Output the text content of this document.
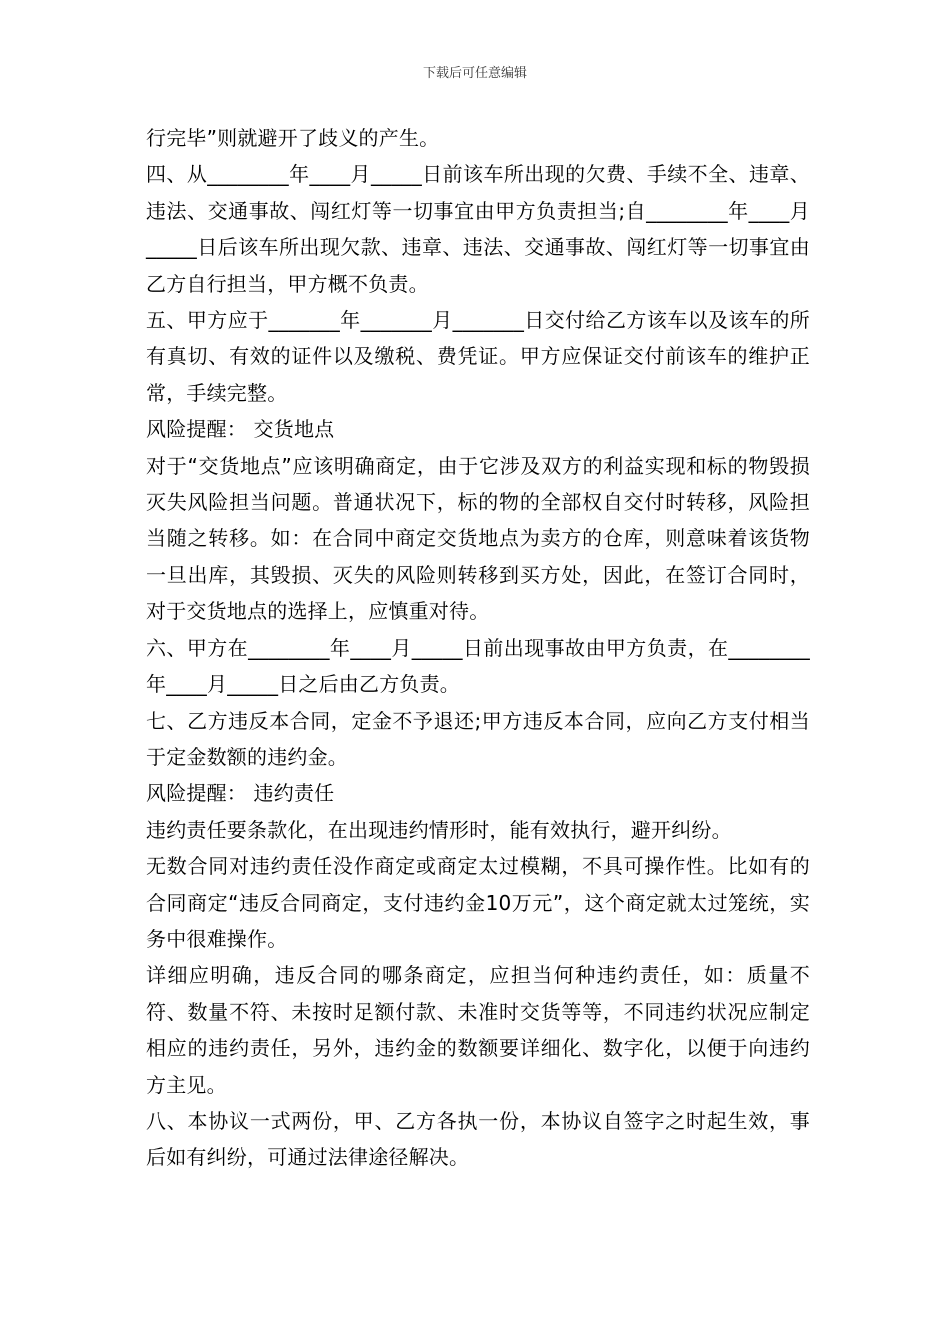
下载后可任意编辑

行完毕”则就避开了歧义的产生。

四、从________年____月_____日前该车所出现的欠费、手续不全、违章、违法、交通事故、闯红灯等一切事宜由甲方负责担当;自________年____月_____日后该车所出现欠款、违章、违法、交通事故、闯红灯等一切事宜由乙方自行担当，甲方概不负责。

五、甲方应于_______年_______月_______日交付给乙方该车以及该车的所有真切、有效的证件以及缴税、费凭证。甲方应保证交付前该车的维护正常，手续完整。

风险提醒： 交货地点

对于“交货地点”应该明确商定，由于它涉及双方的利益实现和标的物毁损灭失风险担当问题。普通状况下，标的物的全部权自交付时转移，风险担当随之转移。如：在合同中商定交货地点为卖方的仓库，则意味着该货物一旦出库，其毁损、灭失的风险则转移到买方处，因此，在签订合同时，对于交货地点的选择上，应慎重对待。

六、甲方在________年____月_____日前出现事故由甲方负责，在________年____月_____日之后由乙方负责。

七、乙方违反本合同，定金不予退还;甲方违反本合同，应向乙方支付相当于定金数额的违约金。

风险提醒： 违约责任

违约责任要条款化，在出现违约情形时，能有效执行，避开纠纷。

无数合同对违约责任没作商定或商定太过模糊，不具可操作性。比如有的合同商定“违反合同商定，支付违约金10万元”，这个商定就太过笼统，实务中很难操作。

详细应明确，违反合同的哪条商定，应担当何种违约责任，如：质量不符、数量不符、未按时足额付款、未准时交货等等，不同违约状况应制定相应的违约责任，另外，违约金的数额要详细化、数字化，以便于向违约方主见。

八、本协议一式两份，甲、乙方各执一份，本协议自签字之时起生效，事后如有纠纷，可通过法律途径解决。
